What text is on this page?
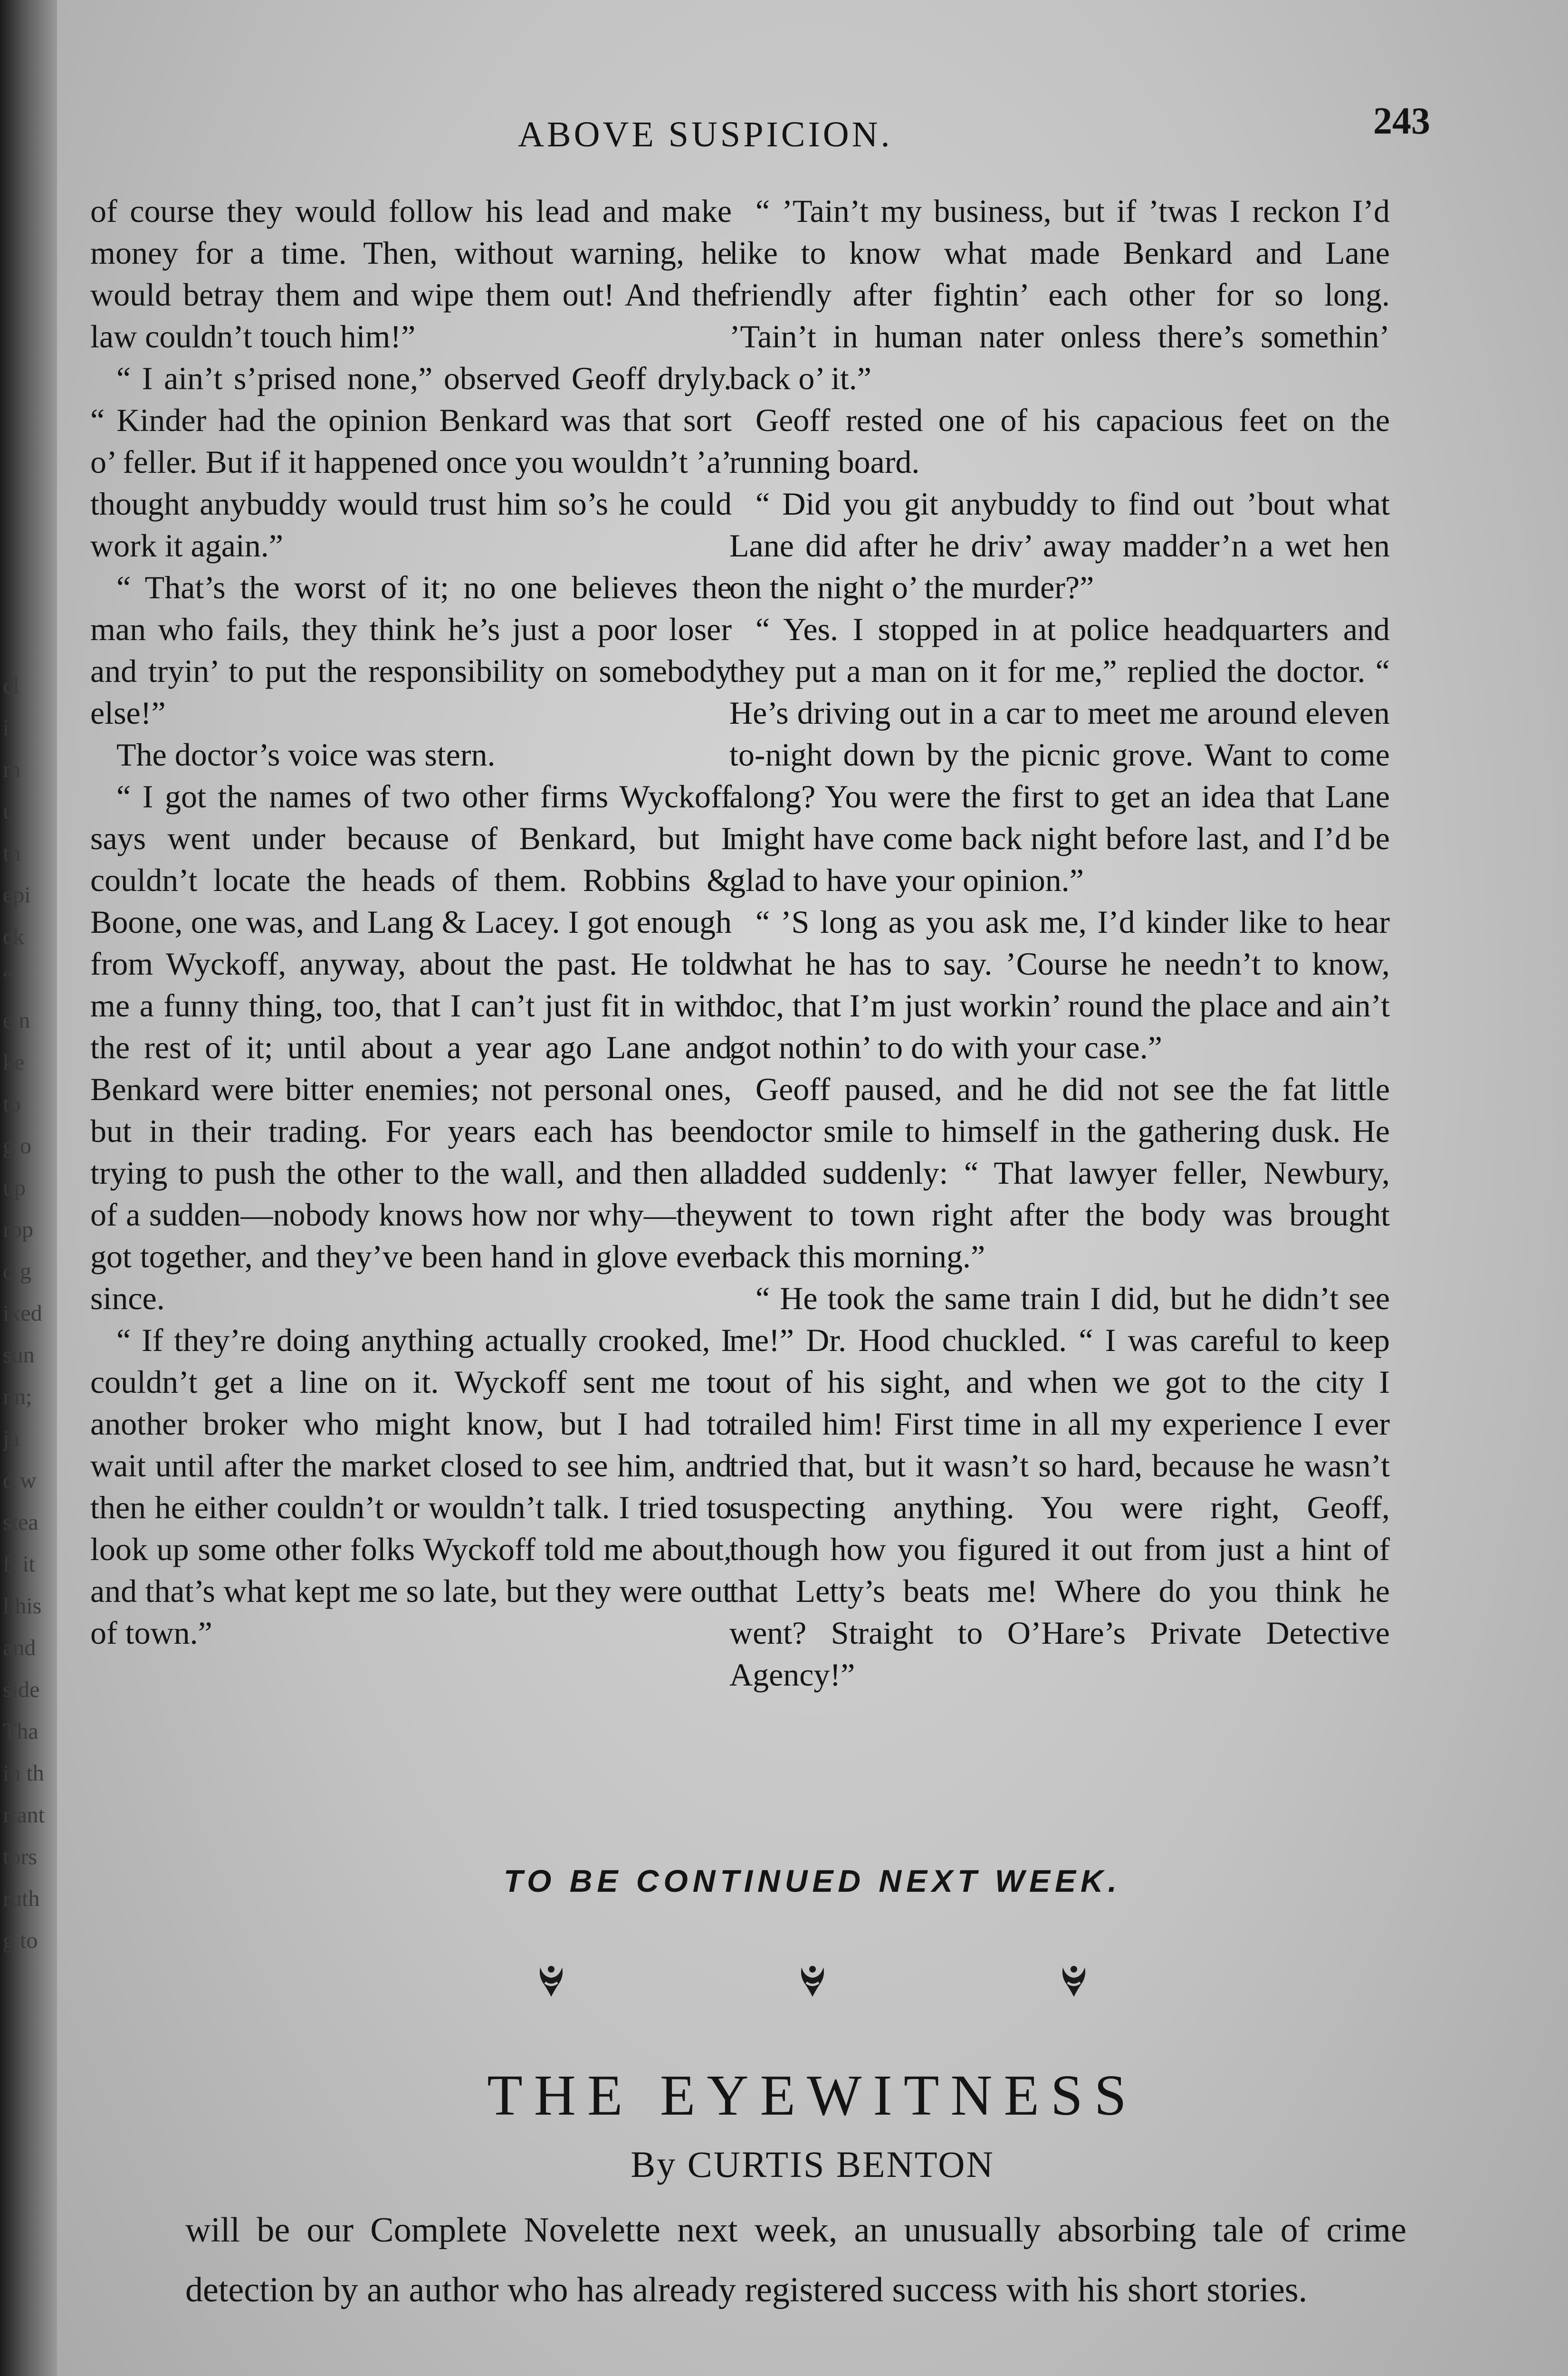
cl
il
m
u
th
epi
ck
“
e n
ke
to
g o
up
rop
o g
ixed
sun
nn;
ja
d w
stea
f; it
l his
and
side
Tha
in th
rtant
tors
ruth
g to
ABOVE SUSPICION.	243

of course they would follow his lead and make money for a time. Then, without warning, he would betray them and wipe them out! And the law couldn’t touch him!”

“ I ain’t s’prised none,” observed Geoff dryly. “ Kinder had the opinion Benkard was that sort o’ feller. But if it happened once you wouldn’t ’a’ thought anybuddy would trust him so’s he could work it again.”

“ That’s the worst of it; no one believes the man who fails, they think he’s just a poor loser and tryin’ to put the responsibility on somebody else!”

The doctor’s voice was stern.

“ I got the names of two other firms Wyckoff says went under because of Benkard, but I couldn’t locate the heads of them. Robbins & Boone, one was, and Lang & Lacey. I got enough from Wyckoff, anyway, about the past. He told me a funny thing, too, that I can’t just fit in with the rest of it; until about a year ago Lane and Benkard were bitter enemies; not personal ones, but in their trading. For years each has been trying to push the other to the wall, and then all of a sudden—nobody knows how nor why—they got together, and they’ve been hand in glove ever since.

“ If they’re doing anything actually crooked, I couldn’t get a line on it. Wyckoff sent me to another broker who might know, but I had to wait until after the market closed to see him, and then he either couldn’t or wouldn’t talk. I tried to look up some other folks Wyckoff told me about, and that’s what kept me so late, but they were out of town.”

“ ’Tain’t my business, but if ’twas I reckon I’d like to know what made Benkard and Lane friendly after fightin’ each other for so long. ’Tain’t in human nater onless there’s somethin’ back o’ it.”

Geoff rested one of his capacious feet on the running board.

“ Did you git anybuddy to find out ’bout what Lane did after he driv’ away madder’n a wet hen on the night o’ the murder?”

“ Yes. I stopped in at police headquarters and they put a man on it for me,” replied the doctor. “ He’s driving out in a car to meet me around eleven to-night down by the picnic grove. Want to come along? You were the first to get an idea that Lane might have come back night before last, and I’d be glad to have your opinion.”

“ ’S long as you ask me, I’d kinder like to hear what he has to say. ’Course he needn’t to know, doc, that I’m just workin’ round the place and ain’t got nothin’ to do with your case.”

Geoff paused, and he did not see the fat little doctor smile to himself in the gathering dusk. He added suddenly: “ That lawyer feller, Newbury, went to town right after the body was brought back this morning.”

“ He took the same train I did, but he didn’t see me!” Dr. Hood chuckled. “ I was careful to keep out of his sight, and when we got to the city I trailed him! First time in all my experience I ever tried that, but it wasn’t so hard, because he wasn’t suspecting anything. You were right, Geoff, though how you figured it out from just a hint of that Letty’s beats me! Where do you think he went? Straight to O’Hare’s Private Detective Agency!”

TO BE CONTINUED NEXT WEEK.
THE EYEWITNESS
By CURTIS BENTON
will be our Complete Novelette next week, an unusually absorbing tale of crime detection by an author who has already registered success with his short stories.
